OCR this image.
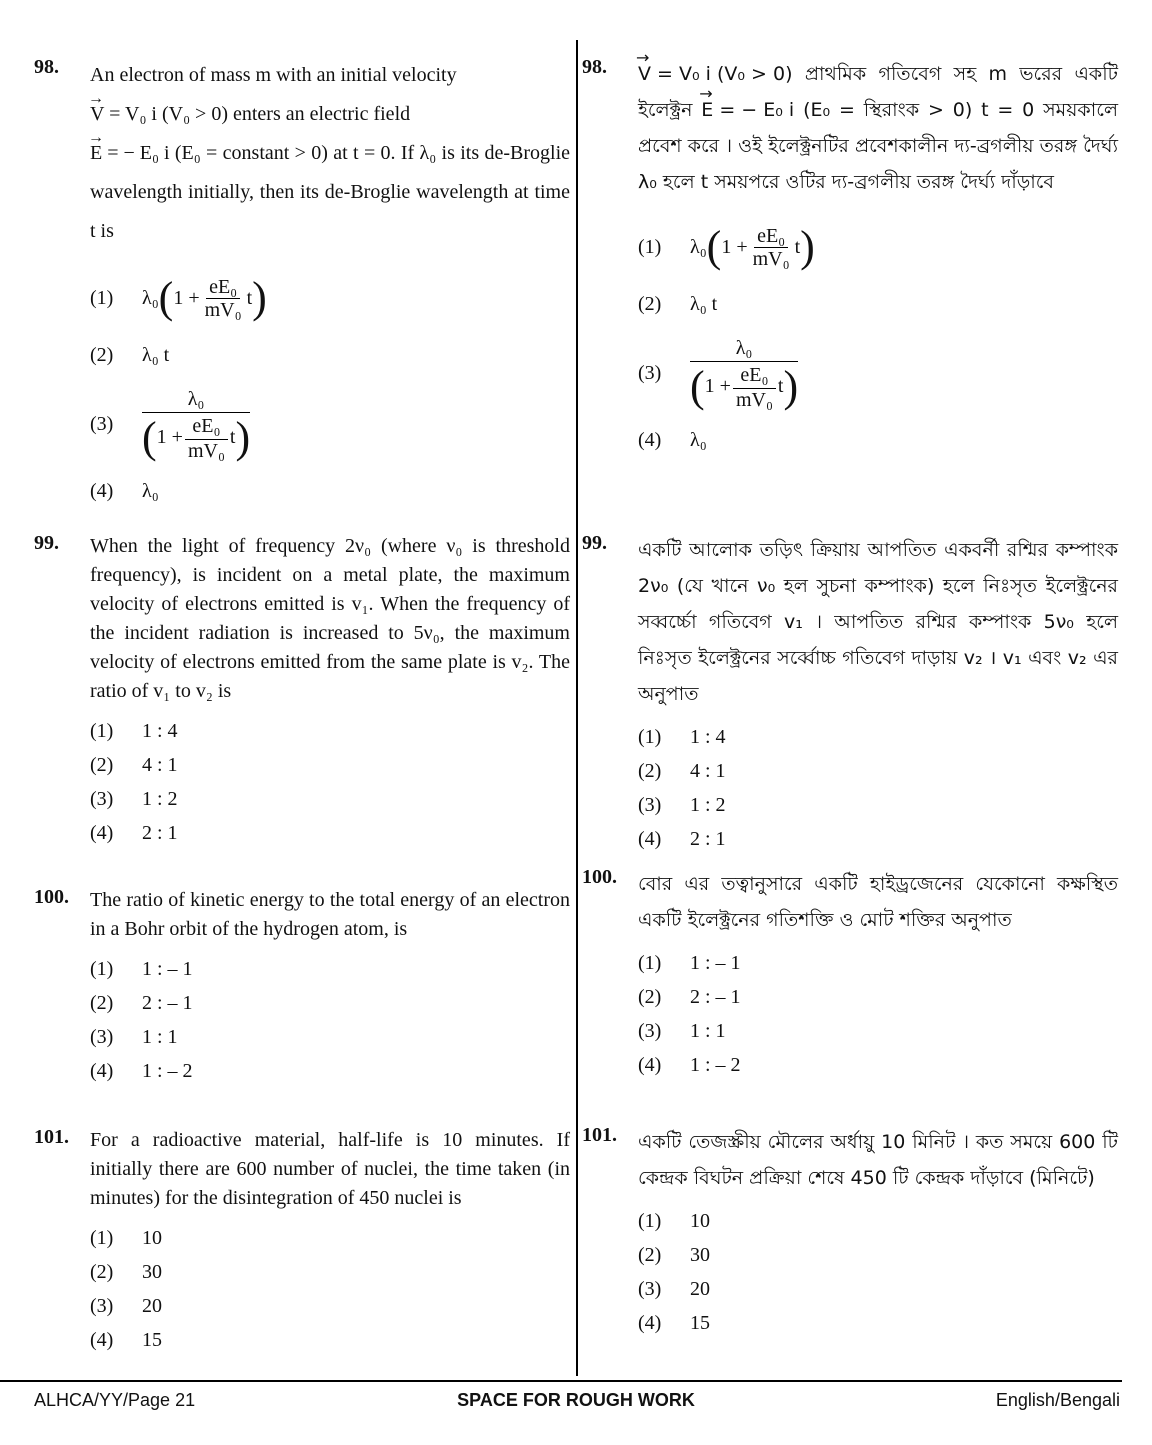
98. An electron of mass m with an initial velocity
→ V = V₀ i (V₀ > 0) enters an electric field
→ E = − E₀ i (E₀ = constant > 0) at t = 0. If λ₀ is its de-Broglie wavelength initially, then its de-Broglie wavelength at time t is
(1)	λ₀ ( $1 + \frac{\text{eE₀}}{\text{mV₀}}$ t )
(2)	λ₀ t
(3)
λ₀
( $1 + \frac{\text{eE₀}}{\text{mV₀}}$ t )
(4)	λ₀
99. When the light of frequency 2ν₀ (where ν₀ is threshold frequency), is incident on a metal plate, the maximum velocity of electrons emitted is v₁. When the frequency of the incident radiation is increased to 5ν₀, the maximum velocity of electrons emitted from the same plate is v₂. The ratio of v₁ to v₂ is
(1)	1 : 4
(2)	4 : 1
(3)	1 : 2
(4)	2 : 1
100. The ratio of kinetic energy to the total energy of an electron in a Bohr orbit of the hydrogen atom, is
(1)	1 : – 1
(2)	2 : – 1
(3)	1 : 1
(4)	1 : – 2
101. For a radioactive material, half-life is 10 minutes. If initially there are 600 number of nuclei, the time taken (in minutes) for the disintegration of 450 nuclei is
(1)	10
(2)	30
(3)	20
(4)	15
98. → V = V₀ i (V₀ > 0) প্রাথমিক গতিবেগ সহ m ভরের একটি ইলেক্ট্রন → E = − E₀ i (E₀ = স্থিরাংক > 0) t = 0 সময়কালে প্রবেশ করে । ওই ইলেক্ট্রনটির প্রবেশকালীন দ্য-ব্রগলীয় তরঙ্গ দৈর্ঘ্য λ₀ হলে t সময়পরে ওটির দ্য-ব্রগলীয় তরঙ্গ দৈর্ঘ্য দাঁড়াবে
(1)	λ₀ ( $1 + \frac{\text{eE₀}}{\text{mV₀}}$ t )
(2)	λ₀ t
(3)
λ₀
( $1 + \frac{\text{eE₀}}{\text{mV₀}}$ t )
(4)	λ₀
99. একটি আলোক তড়িৎ ক্রিয়ায় আপতিত একবর্নী রশ্মির কম্পাংক 2ν₀ (যে খানে ν₀ হল সুচনা কম্পাংক) হলে নিঃসৃত ইলেক্ট্রনের সব্বর্চ্চো গতিবেগ v₁ । আপতিত রশ্মির কম্পাংক 5ν₀ হলে নিঃসৃত ইলেক্ট্রনের সর্ব্বোচ্চ গতিবেগ দাড়ায় v₂ । v₁ এবং v₂ এর অনুপাত
(1)	1 : 4
(2)	4 : 1
(3)	1 : 2
(4)	2 : 1
100. বোর এর তত্বানুসারে একটি হাইড্রজেনের যেকোনো কক্ষস্থিত একটি ইলেক্ট্রনের গতিশক্তি ও মোট শক্তির অনুপাত
(1)	1 : – 1
(2)	2 : – 1
(3)	1 : 1
(4)	1 : – 2
101. একটি তেজস্ক্রীয় মৌলের অর্ধায়ু 10 মিনিট । কত সময়ে 600 টি কেন্দ্রক বিঘটন প্রক্রিয়া শেষে 450 টি কেন্দ্রক দাঁড়াবে (মিনিটে)
(1)	10
(2)	30
(3)	20
(4)	15
ALHCA/YY/Page 21	SPACE FOR ROUGH WORK	English/Bengali
